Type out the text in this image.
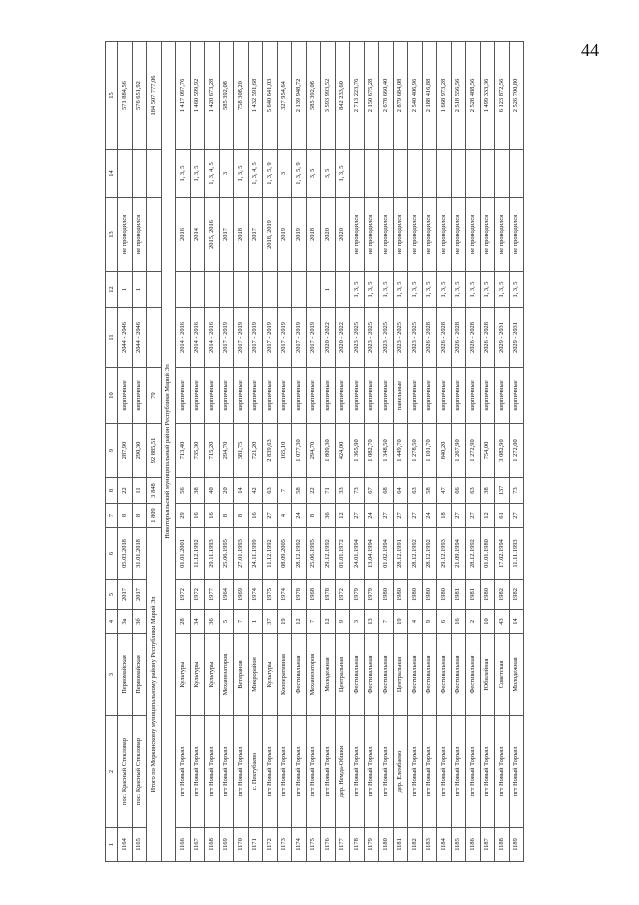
44
1	2	3	4	5	6	7	8	9	10	11	12	13	14	15
1164	пос. Красный Стекловар	Первомайская	3а	2017	05.03.2018	8	22	287,90	кирпичные	2044 - 2046	1	не проводился		571 884,56
1165	пос. Красный Стекловар	Первомайская	3б	2017	31.01.2018	8	11	290,30	кирпичные	2044 - 2046	1	не проводился		576 651,92
Итого по Моркинскому муниципальному району Республики Марий Эл						1 809	3 848	92 885,51	79					184 507 777,06
Новоторъяльский муниципальный район Республики Марий Эл														
1166	пгт Новый Торъял	Культуры	28	1972	01.01.2001	29	56	713,40	кирпичные	2014 - 2016		2016	1, 3, 5	1 417 097,76
1167	пгт Новый Торъял	Культуры	34	1972	11.12.1992	16	38	735,30	кирпичные	2014 - 2016		2014	1, 3, 5	1 460 599,92
1168	пгт Новый Торъял	Культуры	36	1977	29.11.1993	16	40	715,20	кирпичные	2014 - 2016		2015, 2016	1, 3, 4, 5	1 420 673,28
1169	пгт Новый Торъял	Механизаторов	5	1964	25.06.1995	8	20	294,70	кирпичные	2017 - 2019		2017	3	585 392,08
1170	пгт Новый Торъял	Ветеранов	7	1969	27.01.1993	8	14	381,75	кирпичные	2017 - 2019		2018	1, 3, 5	758 308,20
1171	с. Пектубаево	Микрорайон	1	1974	24.11.1999	16	42	721,20	кирпичные	2017 - 2019		2017	1, 3, 4, 5	1 432 591,68
1172	пгт Новый Торъял	Культуры	37	1975	11.12.1992	27	63	2 839,63	кирпичные	2017 - 2019		2018, 2019	1, 3, 5, 9	5 640 641,03
1173	пгт Новый Торъял	Кооперативная	19	1974	08.09.2005	4	7	165,10	кирпичные	2017 - 2019		2019	3	327 954,64
1174	пгт Новый Торъял	Фестивальная	12	1978	28.12.1992	24	58	1 077,30	кирпичные	2017 - 2019		2019	1, 3, 5, 9	2 139 948,72
1175	пгт Новый Торъял	Механизаторов	7	1968	25.06.1995	8	22	294,70	кирпичные	2017 - 2019		2018	3, 5	585 392,08
1176	пгт Новый Торъял	Молодежная	12	1978	29.12.1992	36	71	1 809,30	кирпичные	2020 - 2022	1	2020	3, 5	3 593 993,52
1177	дер. Немда-Обшки	Центральная	9	1972	01.01.1972	12	33	424,00	кирпичные	2020 - 2022		2020	1, 3, 5	842 233,60
1178	пгт Новый Торъял	Фестивальная	3	1979	24.01.1994	27	73	1 365,90	кирпичные	2023 - 2025	1, 3, 5	не проводился		2 713 223,76
1179	пгт Новый Торъял	Фестивальная	13	1979	13.04.1994	24	67	1 082,70	кирпичные	2023 - 2025	1, 3, 5	не проводился		2 150 675,28
1180	пгт Новый Торъял	Фестивальная	7	1980	01.02.1994	27	68	1 348,50	кирпичные	2023 - 2025	1, 3, 5	не проводился		2 678 660,40
1181	дер. Елембаево	Центральная	19	1980	28.12.1991	27	64	1 449,70	панельные	2023 - 2025	1, 3, 5	не проводился		2 879 684,08
1182	пгт Новый Торъял	Фестивальная	4	1980	28.12.1992	27	63	1 278,50	кирпичные	2023 - 2025	1, 3, 5	не проводился		2 540 406,96
1183	пгт Новый Торъял	Фестивальная	9	1980	28.12.1992	24	58	1 101,70	кирпичные	2026 - 2028	1, 3, 5	не проводился		2 188 416,88
1184	пгт Новый Торъял	Фестивальная	6	1980	29.12.1993	18	47	840,20	кирпичные	2026 - 2028	1, 3, 5	не проводился		1 668 973,28
1185	пгт Новый Торъял	Фестивальная	16	1981	21.09.1994	27	66	1 267,90	кирпичные	2026 - 2028	1, 3, 5	не проводился		2 518 556,56
1186	пгт Новый Торъял	Фестивальная	2	1981	28.12.1992	27	63	1 272,90	кирпичные	2026 - 2028	1, 3, 5	не проводился		2 528 488,56
1187	пгт Новый Торъял	Юбилейная	10	1980	01.01.1980	12	38	754,00	кирпичные	2026 - 2028	1, 3, 5	не проводился		1 499 333,36
1188	пгт Новый Торъял	Советская	43	1982	17.02.1994	61	137	3 082,90	кирпичные	2029 - 2031	1, 3, 5	не проводился		6 123 872,56
1189	пгт Новый Торъял	Молодежная	14	1982	11.11.1993	27	73	1 272,00	кирпичные	2029 - 2031	1, 3, 5	не проводился		2 526 700,80
